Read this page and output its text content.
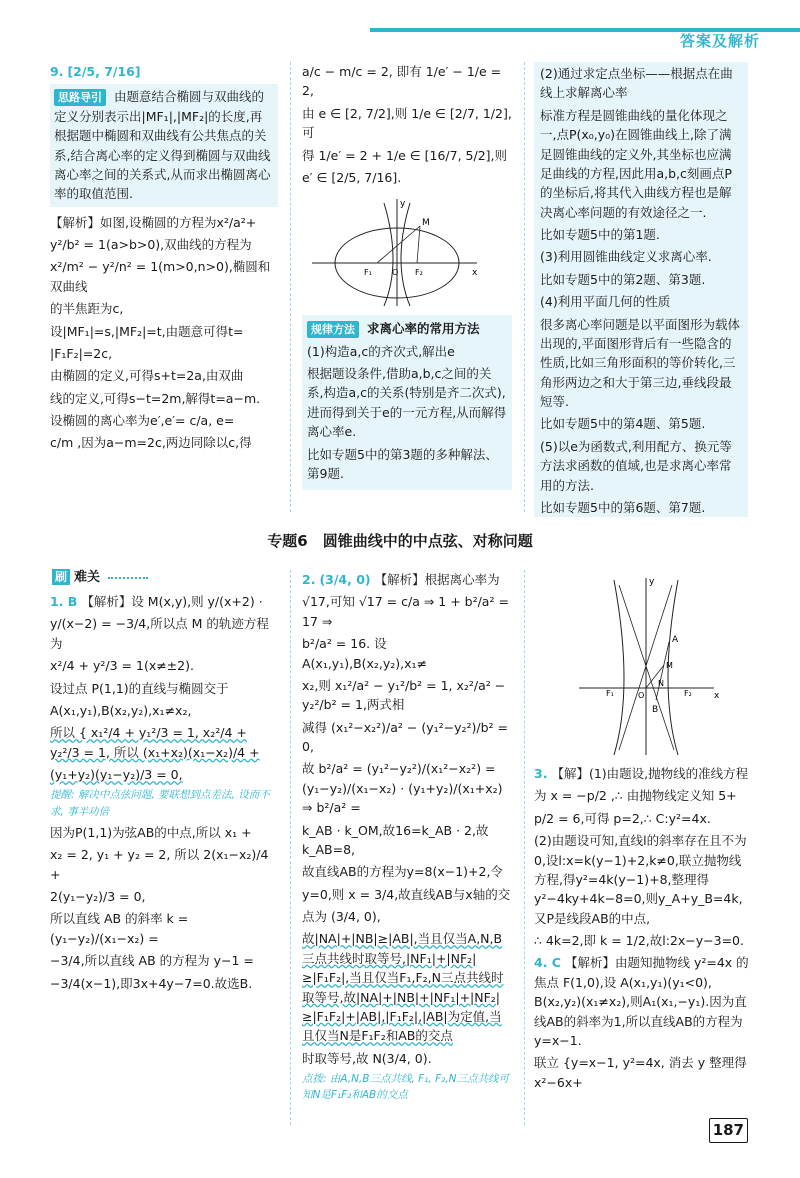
答案及解析

9. [2/5, 7/16]

思路导引 由题意结合椭圆与双曲线的定义分别表示出|MF₁|,|MF₂|的长度,再根据题中椭圆和双曲线有公共焦点的关系,结合离心率的定义得到椭圆与双曲线离心率之间的关系式,从而求出椭圆离心率的取值范围.

【解析】如图,设椭圆的方程为x²/a²+

y²/b² = 1(a>b>0),双曲线的方程为

x²/m² − y²/n² = 1(m>0,n>0),椭圆和双曲线

的半焦距为c,

设|MF₁|=s,|MF₂|=t,由题意可得t=

|F₁F₂|=2c,

由椭圆的定义,可得s+t=2a,由双曲

线的定义,可得s−t=2m,解得t=a−m.

设椭圆的离心率为e′,e′= c/a, e=

c/m ,因为a−m=2c,两边同除以c,得

a/c − m/c = 2, 即有 1/e′ − 1/e = 2,

由 e ∈ [2, 7/2],则 1/e ∈ [2/7, 1/2],可

得 1/e′ = 2 + 1/e ∈ [16/7, 5/2],则

e′ ∈ [2/5, 7/16].

y
x
M
F₁	O F₂

规律方法 求离心率的常用方法

(1)构造a,c的齐次式,解出e

根据题设条件,借助a,b,c之间的关系,构造a,c的关系(特别是齐二次式),进而得到关于e的一元方程,从而解得离心率e.

比如专题5中的第3题的多种解法、第9题.

(2)通过求定点坐标——根据点在曲线上求解离心率

标准方程是圆锥曲线的量化体现之一,点P(x₀,y₀)在圆锥曲线上,除了满足圆锥曲线的定义外,其坐标也应满足曲线的方程,因此用a,b,c刻画点P的坐标后,将其代入曲线方程也是解决离心率问题的有效途径之一.

比如专题5中的第1题.

(3)利用圆锥曲线定义求离心率.

比如专题5中的第2题、第3题.

(4)利用平面几何的性质

很多离心率问题是以平面图形为载体出现的,平面图形背后有一些隐含的性质,比如三角形面积的等价转化,三角形两边之和大于第三边,垂线段最短等.

比如专题5中的第4题、第5题.

(5)以e为函数式,利用配方、换元等方法求函数的值域,也是求离心率常用的方法.

比如专题5中的第6题、第7题.

专题6　圆锥曲线中的中点弦、对称问题
刷 难关

1. B 【解析】设 M(x,y),则 y/(x+2) ·

y/(x−2) = −3/4,所以点 M 的轨迹方程为

x²/4 + y²/3 = 1(x≠±2).

设过点 P(1,1)的直线与椭圆交于

A(x₁,y₁),B(x₂,y₂),x₁≠x₂,

所以 { x₁²/4 + y₁²/3 = 1, x₂²/4 + y₂²/3 = 1, 所以 (x₁+x₂)(x₁−x₂)/4 +

(y₁+y₂)(y₁−y₂)/3 = 0,

提醒: 解决中点弦问题, 要联想到点差法, 设而不求, 事半功倍

因为P(1,1)为弦AB的中点,所以 x₁ +

x₂ = 2, y₁ + y₂ = 2, 所以 2(x₁−x₂)/4 +

2(y₁−y₂)/3 = 0,

所以直线 AB 的斜率 k = (y₁−y₂)/(x₁−x₂) =

−3/4,所以直线 AB 的方程为 y−1 =

−3/4(x−1),即3x+4y−7=0.故选B.

2. (3/4, 0) 【解析】根据离心率为

√17,可知 √17 = c/a ⇒ 1 + b²/a² = 17 ⇒

b²/a² = 16. 设 A(x₁,y₁),B(x₂,y₂),x₁≠

x₂,则 x₁²/a² − y₁²/b² = 1, x₂²/a² − y₂²/b² = 1,两式相

减得 (x₁²−x₂²)/a² − (y₁²−y₂²)/b² = 0,

故 b²/a² = (y₁²−y₂²)/(x₁²−x₂²) = (y₁−y₂)/(x₁−x₂) · (y₁+y₂)/(x₁+x₂) ⇒ b²/a² =

k_AB · k_OM,故16=k_AB · 2,故k_AB=8,

故直线AB的方程为y=8(x−1)+2,令

y=0,则 x = 3/4,故直线AB与x轴的交

点为 (3/4, 0),

故|NA|+|NB|≥|AB|,当且仅当A,N,B三点共线时取等号,|NF₁|+|NF₂|≥|F₁F₂|,当且仅当F₁,F₂,N三点共线时取等号,故|NA|+|NB|+|NF₁|+|NF₂|≥|F₁F₂|+|AB|,|F₁F₂|,|AB|为定值,当且仅当N是F₁F₂和AB的交点

时取等号,故 N(3/4, 0).

点拨: 由A,N,B三点共线, F₁, F₂,N三点共线可知N是F₁F₂和AB的交点

y
x
A
B
F₁	F₂
O
M
N

3. 【解】(1)由题设,抛物线的准线方程

为 x = −p/2 ,∴ 由抛物线定义知 5+

p/2 = 6,可得 p=2,∴ C:y²=4x.

(2)由题设可知,直线l的斜率存在且不为0,设l:x=k(y−1)+2,k≠0,联立抛物线方程,得y²=4k(y−1)+8,整理得y²−4ky+4k−8=0,则y_A+y_B=4k,又P是线段AB的中点,

∴ 4k=2,即 k = 1/2,故l:2x−y−3=0.

4. C 【解析】由题知抛物线 y²=4x 的焦点 F(1,0),设 A(x₁,y₁)(y₁<0), B(x₂,y₂)(x₁≠x₂),则A₁(x₁,−y₁).因为直线AB的斜率为1,所以直线AB的方程为y=x−1.

联立 {y=x−1, y²=4x, 消去 y 整理得 x²−6x+

187
